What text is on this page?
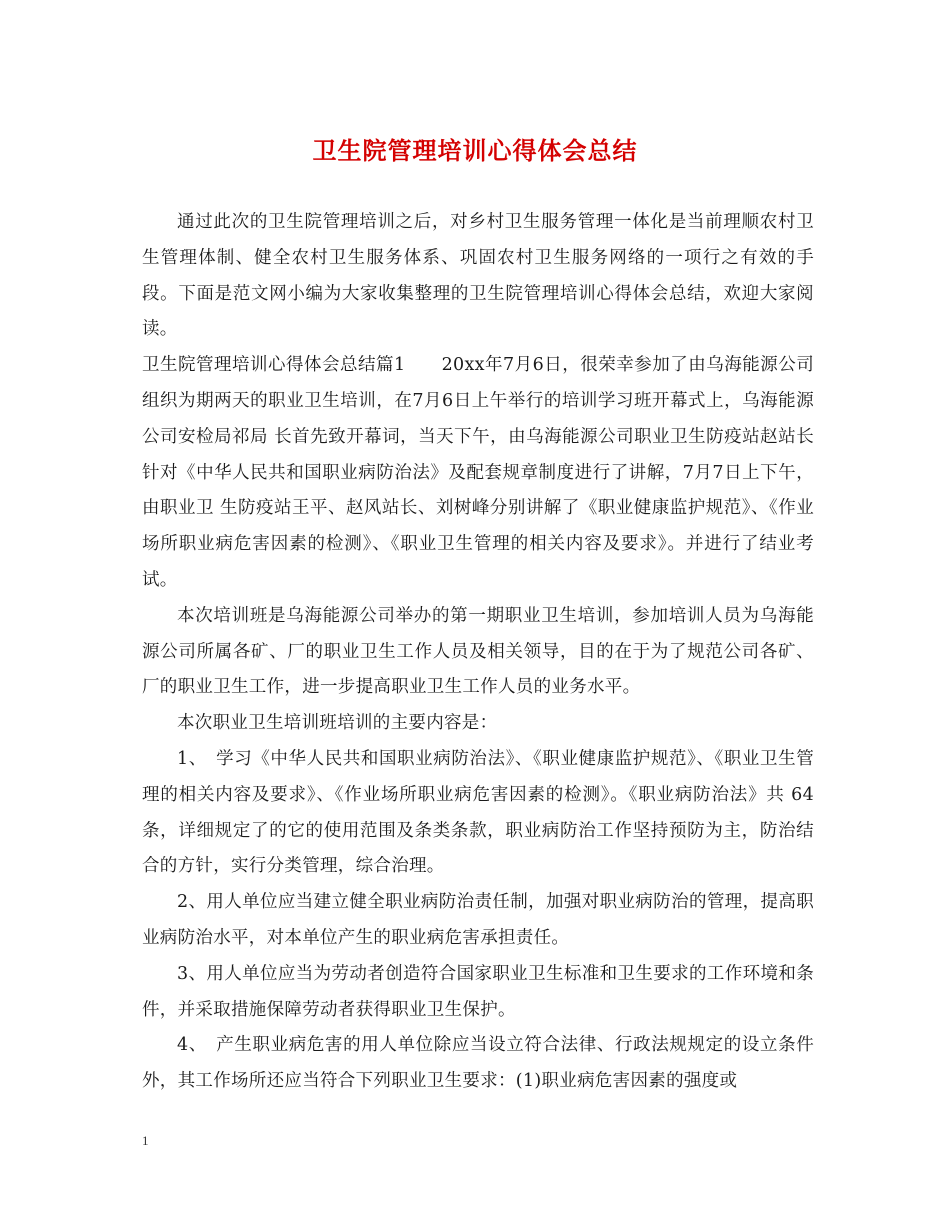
卫生院管理培训心得体会总结

通过此次的卫生院管理培训之后，对乡村卫生服务管理一体化是当前理顺农村卫生管理体制、健全农村卫生服务体系、巩固农村卫生服务网络的一项行之有效的手段。下面是范文网小编为大家收集整理的卫生院管理培训心得体会总结，欢迎大家阅读。

卫生院管理培训心得体会总结篇1　　20xx年7月6日，很荣幸参加了由乌海能源公司组织为期两天的职业卫生培训，在7月6日上午举行的培训学习班开幕式上，乌海能源公司安检局祁局 长首先致开幕词，当天下午，由乌海能源公司职业卫生防疫站赵站长针对《中华人民共和国职业病防治法》及配套规章制度进行了讲解，7月7日上下午，由职业卫 生防疫站王平、赵风站长、刘树峰分别讲解了《职业健康监护规范》、《作业场所职业病危害因素的检测》、《职业卫生管理的相关内容及要求》。并进行了结业考 试。

本次培训班是乌海能源公司举办的第一期职业卫生培训，参加培训人员为乌海能源公司所属各矿、厂的职业卫生工作人员及相关领导，目的在于为了规范公司各矿、厂的职业卫生工作，进一步提高职业卫生工作人员的业务水平。

本次职业卫生培训班培训的主要内容是：

1、　学习《中华人民共和国职业病防治法》、《职业健康监护规范》、《职业卫生管理的相关内容及要求》、《作业场所职业病危害因素的检测》。《职业病防治法》共 64条，详细规定了的它的使用范围及条类条款，职业病防治工作坚持预防为主，防治结合的方针，实行分类管理，综合治理。

2、用人单位应当建立健全职业病防治责任制，加强对职业病防治的管理，提高职业病防治水平，对本单位产生的职业病危害承担责任。

3、用人单位应当为劳动者创造符合国家职业卫生标准和卫生要求的工作环境和条件，并采取措施保障劳动者获得职业卫生保护。

4、　产生职业病危害的用人单位除应当设立符合法律、行政法规规定的设立条件外，其工作场所还应当符合下列职业卫生要求：(1)职业病危害因素的强度或

1
